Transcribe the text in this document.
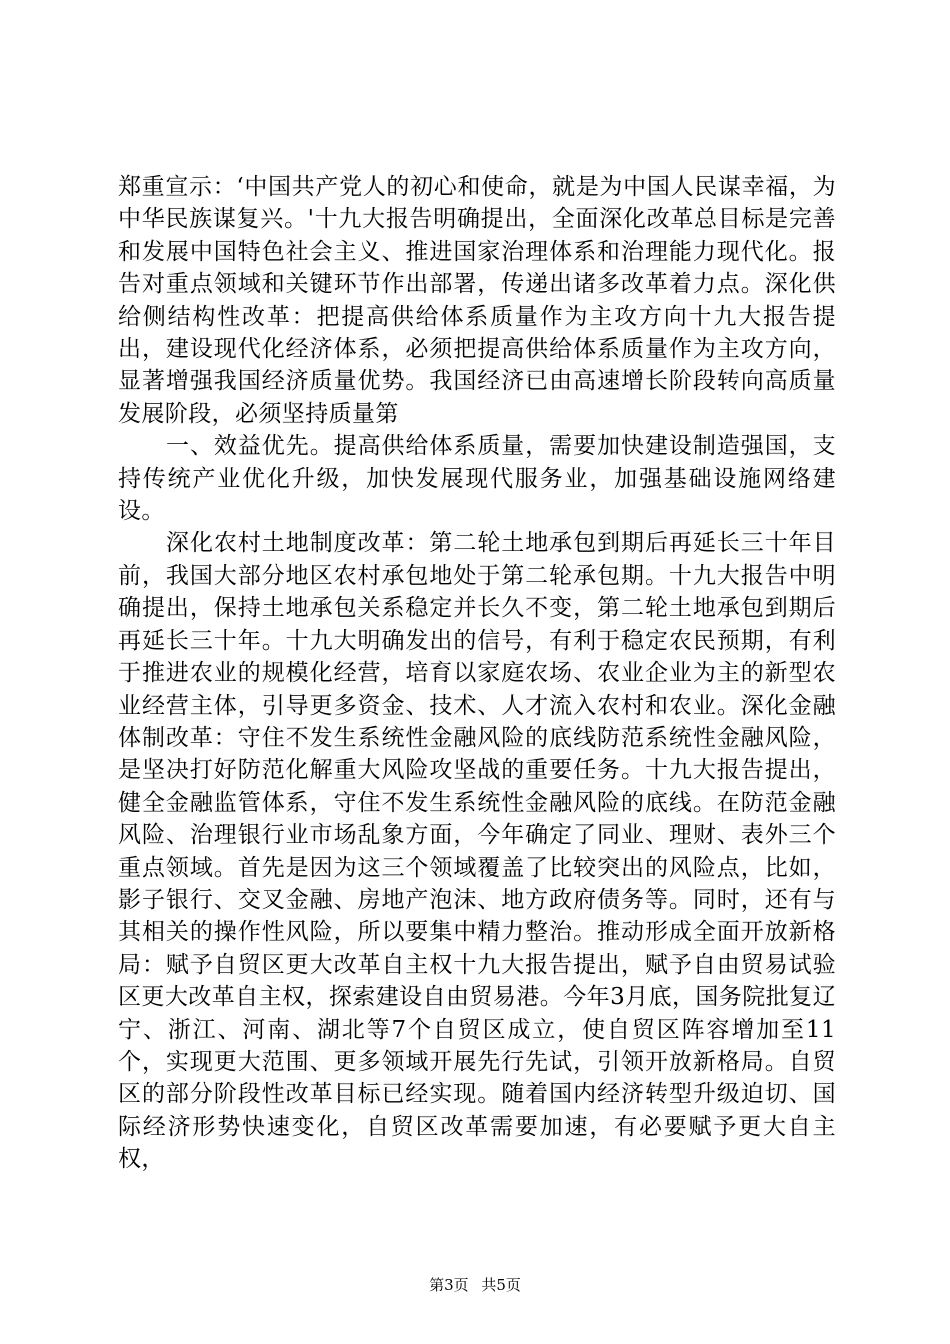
郑重宣示：‘中国共产党人的初心和使命，就是为中国人民谋幸福，为中华民族谋复兴。'十九大报告明确提出，全面深化改革总目标是完善和发展中国特色社会主义、推进国家治理体系和治理能力现代化。报告对重点领域和关键环节作出部署，传递出诸多改革着力点。深化供给侧结构性改革：把提高供给体系质量作为主攻方向十九大报告提出，建设现代化经济体系，必须把提高供给体系质量作为主攻方向，显著增强我国经济质量优势。我国经济已由高速增长阶段转向高质量发展阶段，必须坚持质量第

一、效益优先。提高供给体系质量，需要加快建设制造强国，支持传统产业优化升级，加快发展现代服务业，加强基础设施网络建设。

深化农村土地制度改革：第二轮土地承包到期后再延长三十年目前，我国大部分地区农村承包地处于第二轮承包期。十九大报告中明确提出，保持土地承包关系稳定并长久不变，第二轮土地承包到期后再延长三十年。十九大明确发出的信号，有利于稳定农民预期，有利于推进农业的规模化经营，培育以家庭农场、农业企业为主的新型农业经营主体，引导更多资金、技术、人才流入农村和农业。深化金融体制改革：守住不发生系统性金融风险的底线防范系统性金融风险，是坚决打好防范化解重大风险攻坚战的重要任务。十九大报告提出，健全金融监管体系，守住不发生系统性金融风险的底线。在防范金融风险、治理银行业市场乱象方面，今年确定了同业、理财、表外三个重点领域。首先是因为这三个领域覆盖了比较突出的风险点，比如，影子银行、交叉金融、房地产泡沫、地方政府债务等。同时，还有与其相关的操作性风险，所以要集中精力整治。推动形成全面开放新格局：赋予自贸区更大改革自主权十九大报告提出，赋予自由贸易试验区更大改革自主权，探索建设自由贸易港。今年3月底，国务院批复辽宁、浙江、河南、湖北等7个自贸区成立，使自贸区阵容增加至11个，实现更大范围、更多领域开展先行先试，引领开放新格局。自贸区的部分阶段性改革目标已经实现。随着国内经济转型升级迫切、国际经济形势快速变化，自贸区改革需要加速，有必要赋予更大自主权，

第3页 共5页
